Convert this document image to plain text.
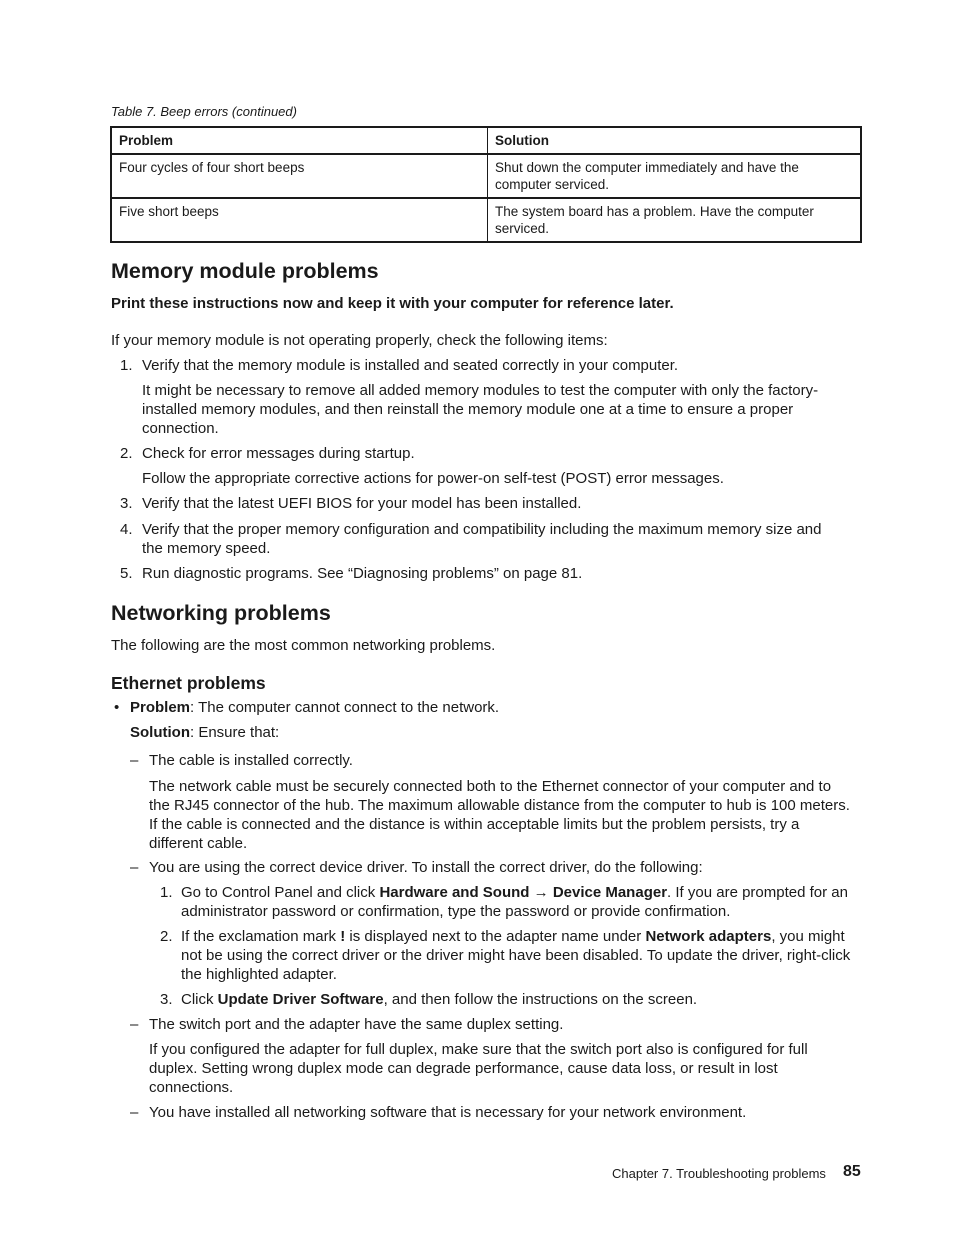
Table 7. Beep errors (continued)
Problem	Solution
Four cycles of four short beeps	Shut down the computer immediately and have the computer serviced.
Five short beeps	The system board has a problem. Have the computer serviced.
Memory module problems

Print these instructions now and keep it with your computer for reference later.

If your memory module is not operating properly, check the following items:

1. Verify that the memory module is installed and seated correctly in your computer.

It might be necessary to remove all added memory modules to test the computer with only the factory-installed memory modules, and then reinstall the memory module one at a time to ensure a proper connection.

2. Check for error messages during startup.

Follow the appropriate corrective actions for power-on self-test (POST) error messages.

3. Verify that the latest UEFI BIOS for your model has been installed.

4. Verify that the proper memory configuration and compatibility including the maximum memory size and the memory speed.

5. Run diagnostic programs. See “Diagnosing problems” on page 81.

Networking problems

The following are the most common networking problems.

Ethernet problems
• Problem: The computer cannot connect to the network.

Solution: Ensure that:

– The cable is installed correctly.

The network cable must be securely connected both to the Ethernet connector of your computer and to the RJ45 connector of the hub. The maximum allowable distance from the computer to hub is 100 meters. If the cable is connected and the distance is within acceptable limits but the problem persists, try a different cable.

– You are using the correct device driver. To install the correct driver, do the following:

1. Go to Control Panel and click Hardware and Sound → Device Manager. If you are prompted for an administrator password or confirmation, type the password or provide confirmation.

2. If the exclamation mark ! is displayed next to the adapter name under Network adapters, you might not be using the correct driver or the driver might have been disabled. To update the driver, right-click the highlighted adapter.

3. Click Update Driver Software, and then follow the instructions on the screen.

– The switch port and the adapter have the same duplex setting.

If you configured the adapter for full duplex, make sure that the switch port also is configured for full duplex. Setting wrong duplex mode can degrade performance, cause data loss, or result in lost connections.

– You have installed all networking software that is necessary for your network environment.

Chapter 7. Troubleshooting problems 85
